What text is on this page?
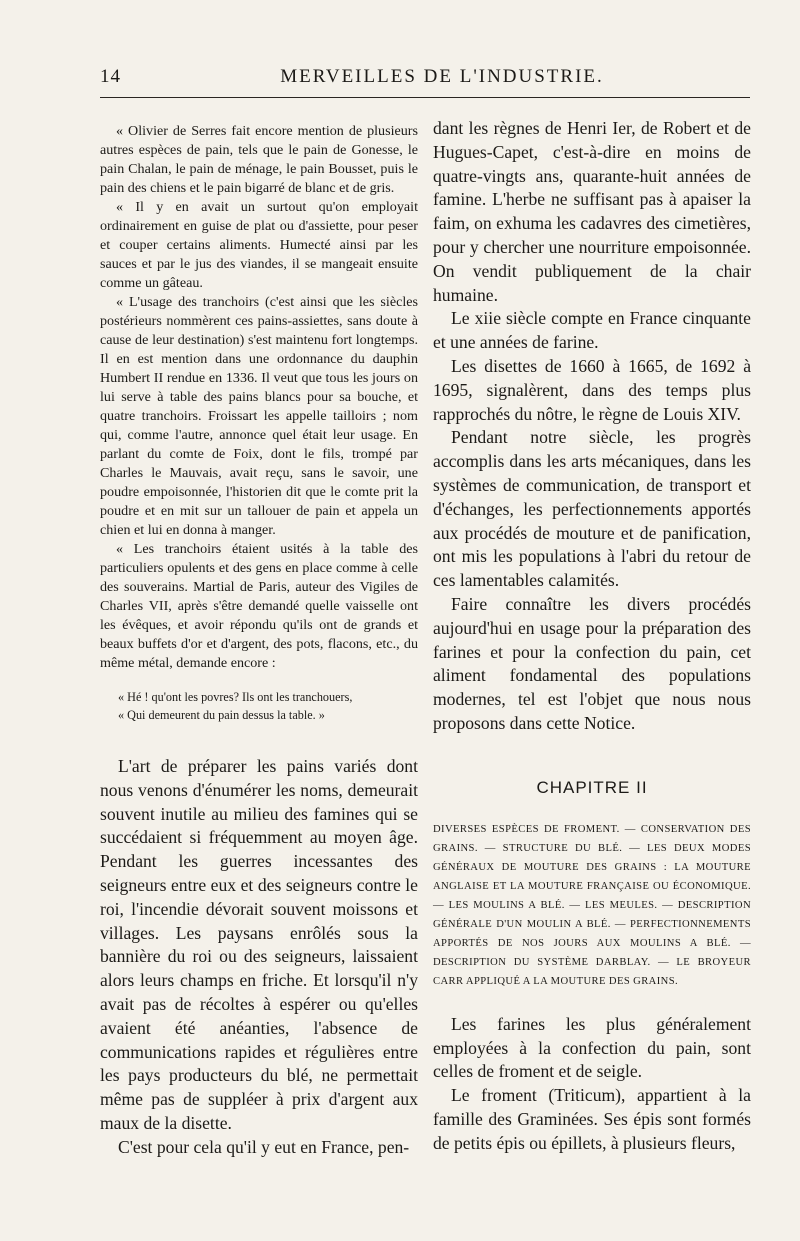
14	MERVEILLES DE L'INDUSTRIE.

« Olivier de Serres fait encore mention de plusieurs autres espèces de pain, tels que le pain de Gonesse, le pain Chalan, le pain de ménage, le pain Bousset, puis le pain des chiens et le pain bigarré de blanc et de gris.

« Il y en avait un surtout qu'on employait ordinairement en guise de plat ou d'assiette, pour peser et couper certains aliments. Humecté ainsi par les sauces et par le jus des viandes, il se mangeait ensuite comme un gâteau.

« L'usage des tranchoirs (c'est ainsi que les siècles postérieurs nommèrent ces pains-assiettes, sans doute à cause de leur destination) s'est maintenu fort longtemps. Il en est mention dans une ordonnance du dauphin Humbert II rendue en 1336. Il veut que tous les jours on lui serve à table des pains blancs pour sa bouche, et quatre tranchoirs. Froissart les appelle tailloirs ; nom qui, comme l'autre, annonce quel était leur usage. En parlant du comte de Foix, dont le fils, trompé par Charles le Mauvais, avait reçu, sans le savoir, une poudre empoisonnée, l'historien dit que le comte prit la poudre et en mit sur un tallouer de pain et appela un chien et lui en donna à manger.

« Les tranchoirs étaient usités à la table des particuliers opulents et des gens en place comme à celle des souverains. Martial de Paris, auteur des Vigiles de Charles VII, après s'être demandé quelle vaisselle ont les évêques, et avoir répondu qu'ils ont de grands et beaux buffets d'or et d'argent, des pots, flacons, etc., du même métal, demande encore :

« Hé ! qu'ont les povres? Ils ont les tranchouers,
« Qui demeurent du pain dessus la table. »

L'art de préparer les pains variés dont nous venons d'énumérer les noms, demeurait souvent inutile au milieu des famines qui se succédaient si fréquemment au moyen âge. Pendant les guerres incessantes des seigneurs entre eux et des seigneurs contre le roi, l'incendie dévorait souvent moissons et villages. Les paysans enrôlés sous la bannière du roi ou des seigneurs, laissaient alors leurs champs en friche. Et lorsqu'il n'y avait pas de récoltes à espérer ou qu'elles avaient été anéanties, l'absence de communications rapides et régulières entre les pays producteurs du blé, ne permettait même pas de suppléer à prix d'argent aux maux de la disette.

C'est pour cela qu'il y eut en France, pen-

dant les règnes de Henri Ier, de Robert et de Hugues-Capet, c'est-à-dire en moins de quatre-vingts ans, quarante-huit années de famine. L'herbe ne suffisant pas à apaiser la faim, on exhuma les cadavres des cimetières, pour y chercher une nourriture empoisonnée. On vendit publiquement de la chair humaine.

Le xiie siècle compte en France cinquante et une années de farine.

Les disettes de 1660 à 1665, de 1692 à 1695, signalèrent, dans des temps plus rapprochés du nôtre, le règne de Louis XIV.

Pendant notre siècle, les progrès accomplis dans les arts mécaniques, dans les systèmes de communication, de transport et d'échanges, les perfectionnements apportés aux procédés de mouture et de panification, ont mis les populations à l'abri du retour de ces lamentables calamités.

Faire connaître les divers procédés aujourd'hui en usage pour la préparation des farines et pour la confection du pain, cet aliment fondamental des populations modernes, tel est l'objet que nous nous proposons dans cette Notice.

CHAPITRE II
DIVERSES ESPÈCES DE FROMENT. — CONSERVATION DES GRAINS. — STRUCTURE DU BLÉ. — LES DEUX MODES GÉNÉRAUX DE MOUTURE DES GRAINS : LA MOUTURE ANGLAISE ET LA MOUTURE FRANÇAISE OU ÉCONOMIQUE. — LES MOULINS A BLÉ. — LES MEULES. — DESCRIPTION GÉNÉRALE D'UN MOULIN A BLÉ. — PERFECTIONNEMENTS APPORTÉS DE NOS JOURS AUX MOULINS A BLÉ. — DESCRIPTION DU SYSTÈME DARBLAY. — LE BROYEUR CARR APPLIQUÉ A LA MOUTURE DES GRAINS.

Les farines les plus généralement employées à la confection du pain, sont celles de froment et de seigle.

Le froment (Triticum), appartient à la famille des Graminées. Ses épis sont formés de petits épis ou épillets, à plusieurs fleurs,
